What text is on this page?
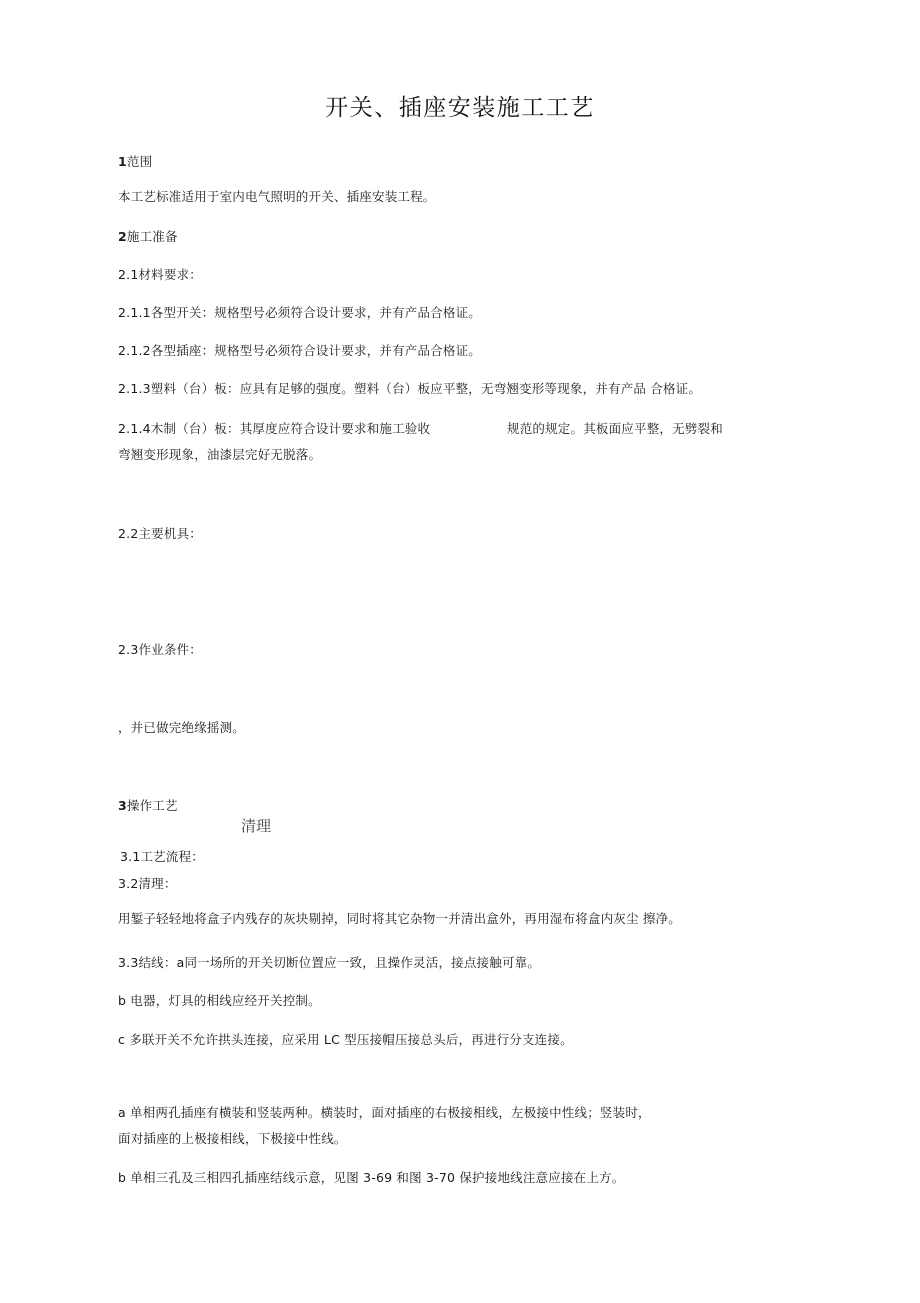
开关、插座安装施工工艺
1范围
本工艺标准适用于室内电气照明的开关、插座安装工程。
2施工准备
2.1材料要求：
2.1.1各型开关：规格型号必须符合设计要求，并有产品合格证。
2.1.2各型插座：规格型号必须符合设计要求，并有产品合格证。
2.1.3塑料（台）板：应具有足够的强度。塑料（台）板应平整，无弯翘变形等现象，并有产品 合格证。
2.1.4木制（台）板：其厚度应符合设计要求和施工验收	规范的规定。其板面应平整，无劈裂和
弯翘变形现象，油漆层完好无脱落。
2.2主要机具：
2.3作业条件：
，并已做完绝缘摇测。
3操作工艺
清理
3.1工艺流程：
3.2清理：
用錾子轻轻地将盒子内残存的灰块剔掉，同时将其它杂物一并清出盒外，再用湿布将盒内灰尘 擦净。
3.3结线：a同一场所的开关切断位置应一致，且操作灵活，接点接触可靠。
b 电器，灯具的相线应经开关控制。
c 多联开关不允许拱头连接，应采用 LC 型压接帽压接总头后，再进行分支连接。
a 单相两孔插座有横装和竖装两种。横装时，面对插座的右极接相线，左极接中性线；竖装时，
面对插座的上极接相线，下极接中性线。
b 单相三孔及三相四孔插座结线示意，见图 3-69 和图 3-70 保护接地线注意应接在上方。
